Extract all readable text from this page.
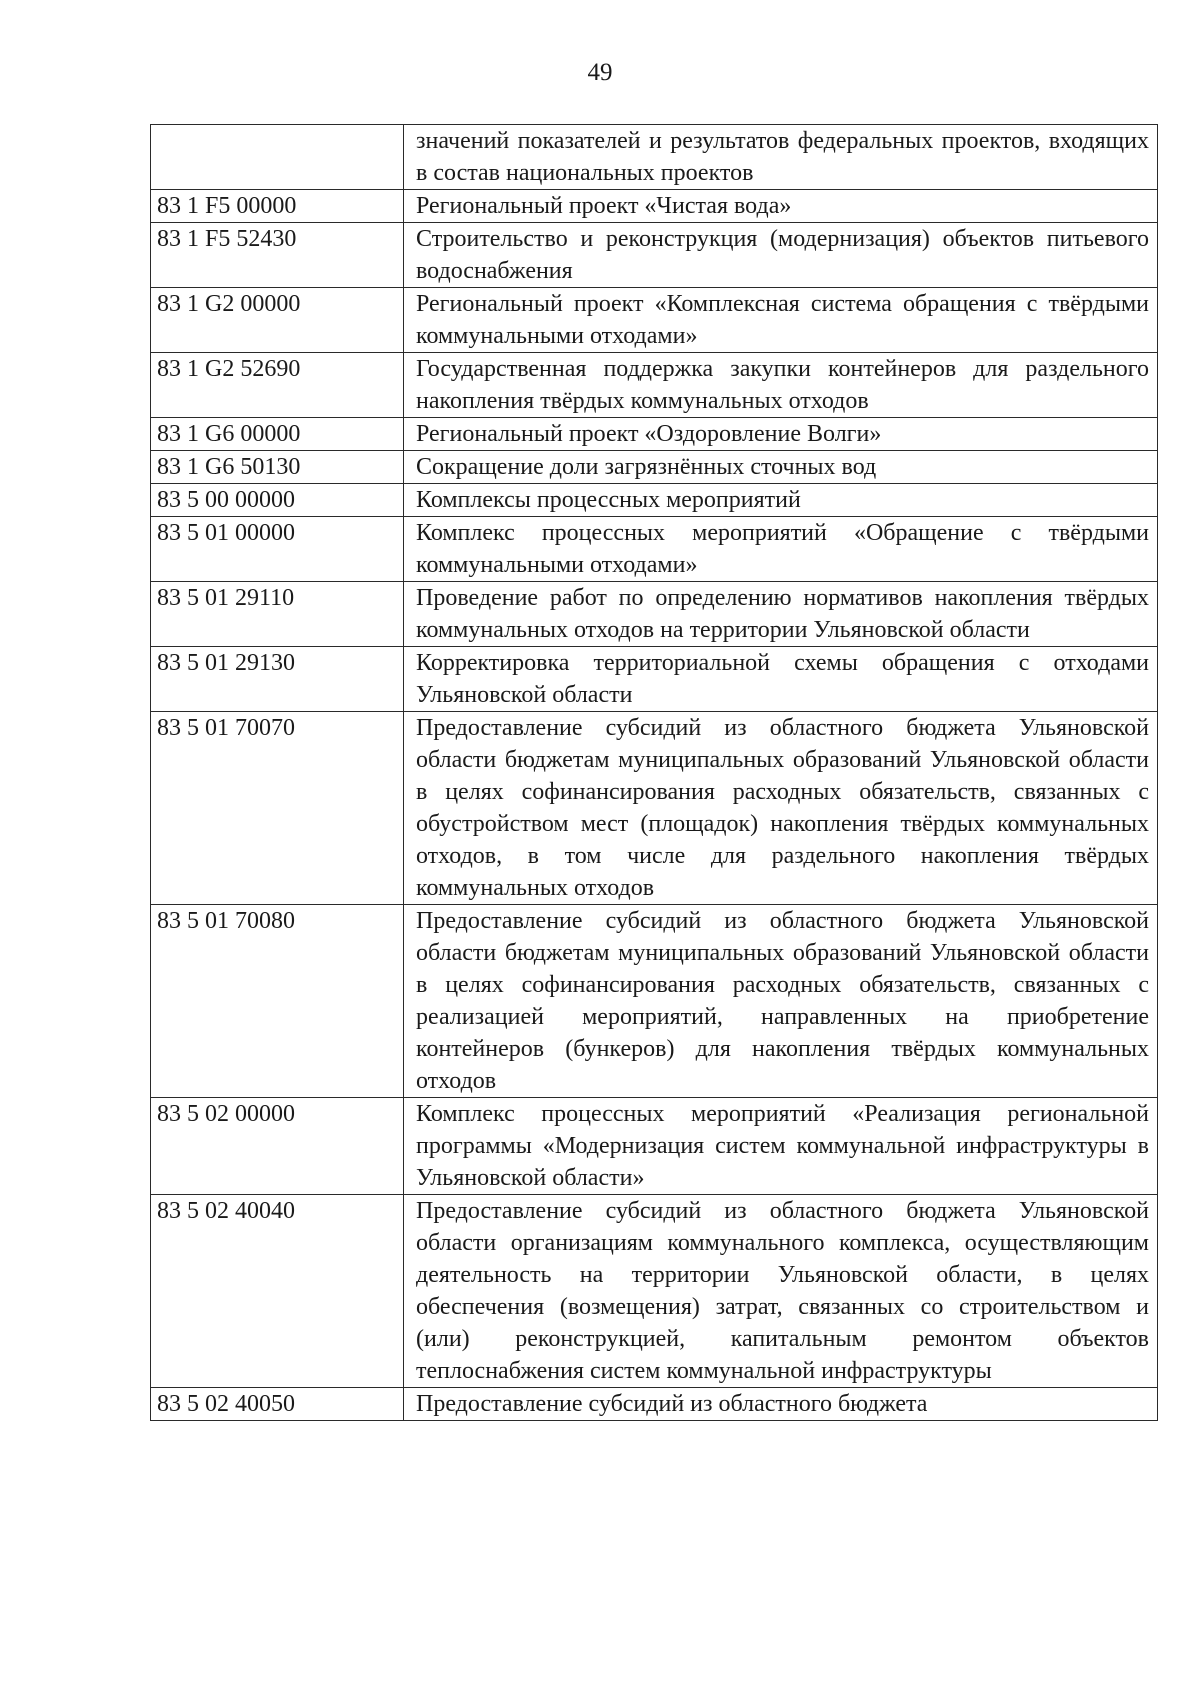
49
	значений показателей и результатов федеральных проектов, входящих в состав национальных проектов
83 1 F5 00000	Региональный проект «Чистая вода»
83 1 F5 52430	Строительство и реконструкция (модернизация) объектов питьевого водоснабжения
83 1 G2 00000	Региональный проект «Комплексная система обращения с твёрдыми коммунальными отходами»
83 1 G2 52690	Государственная поддержка закупки контейнеров для раздельного накопления твёрдых коммунальных отходов
83 1 G6 00000	Региональный проект «Оздоровление Волги»
83 1 G6 50130	Сокращение доли загрязнённых сточных вод
83 5 00 00000	Комплексы процессных мероприятий
83 5 01 00000	Комплекс процессных мероприятий «Обращение с твёрдыми коммунальными отходами»
83 5 01 29110	Проведение работ по определению нормативов накопления твёрдых коммунальных отходов на территории Ульяновской области
83 5 01 29130	Корректировка территориальной схемы обращения с отходами Ульяновской области
83 5 01 70070	Предоставление субсидий из областного бюджета Ульяновской области бюджетам муниципальных образований Ульяновской области в целях софинансирования расходных обязательств, связанных с обустройством мест (площадок) накопления твёрдых коммунальных отходов, в том числе для раздельного накопления твёрдых коммунальных отходов
83 5 01 70080	Предоставление субсидий из областного бюджета Ульяновской области бюджетам муниципальных образований Ульяновской области в целях софинансирования расходных обязательств, связанных с реализацией мероприятий, направленных на приобретение контейнеров (бункеров) для накопления твёрдых коммунальных отходов
83 5 02 00000	Комплекс процессных мероприятий «Реализация региональной программы «Модернизация систем коммунальной инфраструктуры в Ульяновской области»
83 5 02 40040	Предоставление субсидий из областного бюджета Ульяновской области организациям коммунального комплекса, осуществляющим деятельность на территории Ульяновской области, в целях обеспечения (возмещения) затрат, связанных со строительством и (или) реконструкцией, капитальным ремонтом объектов теплоснабжения систем коммунальной инфраструктуры
83 5 02 40050	Предоставление субсидий из областного бюджета
